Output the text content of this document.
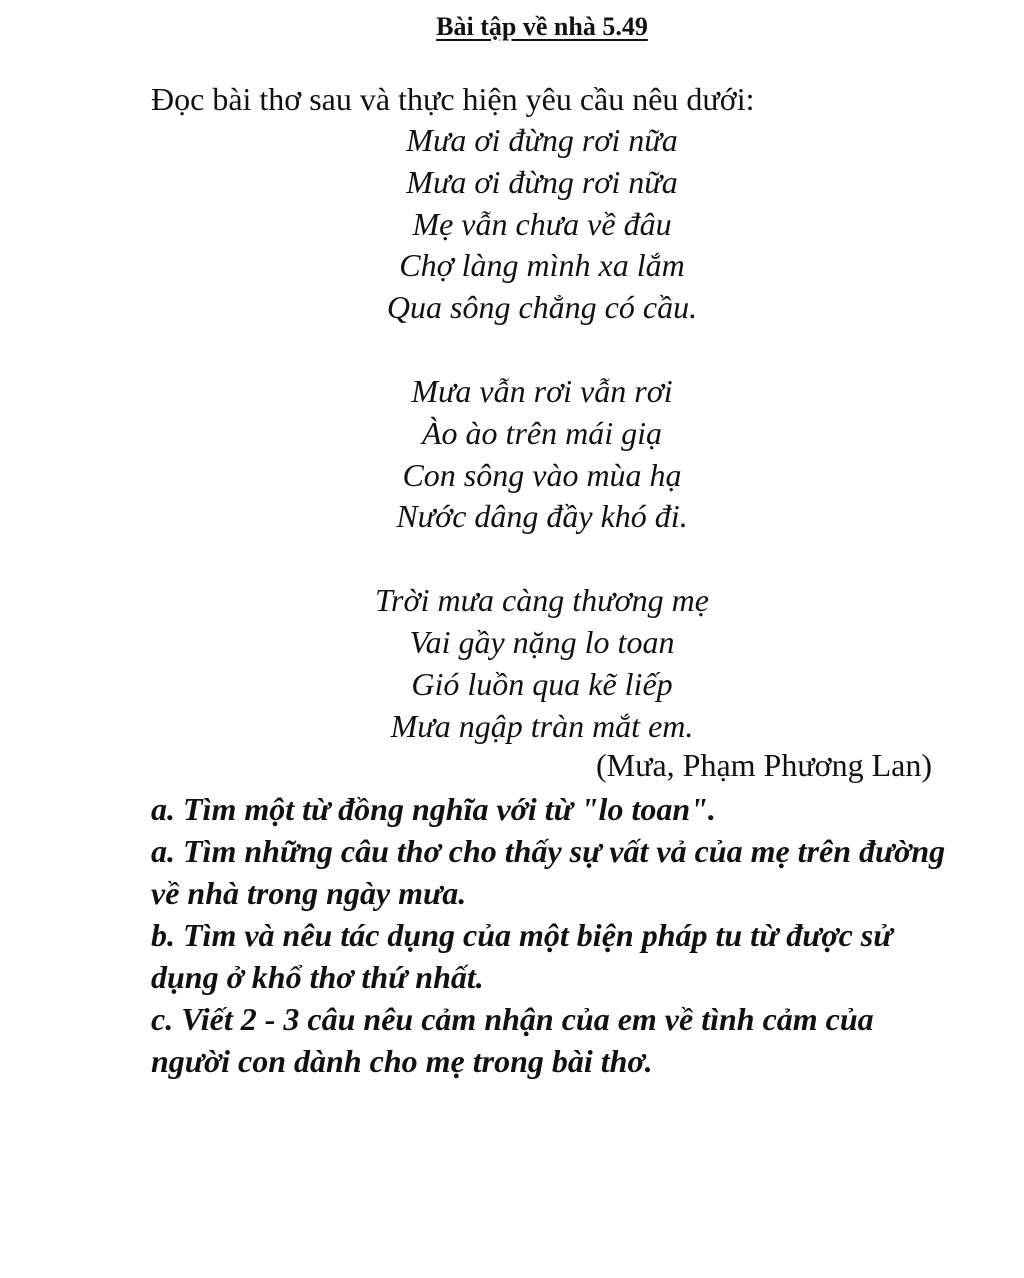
Bài tập về nhà 5.49

Đọc bài thơ sau và thực hiện yêu cầu nêu dưới:

Mưa ơi đừng rơi nữa
Mưa ơi đừng rơi nữa
Mẹ vẫn chưa về đâu
Chợ làng mình xa lắm
Qua sông chẳng có cầu.
Mưa vẫn rơi vẫn rơi
Ào ào trên mái giạ
Con sông vào mùa hạ
Nước dâng đầy khó đi.
Trời mưa càng thương mẹ
Vai gầy nặng lo toan
Gió luồn qua kẽ liếp
Mưa ngập tràn mắt em.

(Mưa, Phạm Phương Lan)

a. Tìm một từ đồng nghĩa với từ "lo toan".

a. Tìm những câu thơ cho thấy sự vất vả của mẹ trên đường về nhà trong ngày mưa.

b. Tìm và nêu tác dụng của một biện pháp tu từ được sử dụng ở khổ thơ thứ nhất.

c. Viết 2 - 3 câu nêu cảm nhận của em về tình cảm của người con dành cho mẹ trong bài thơ.
